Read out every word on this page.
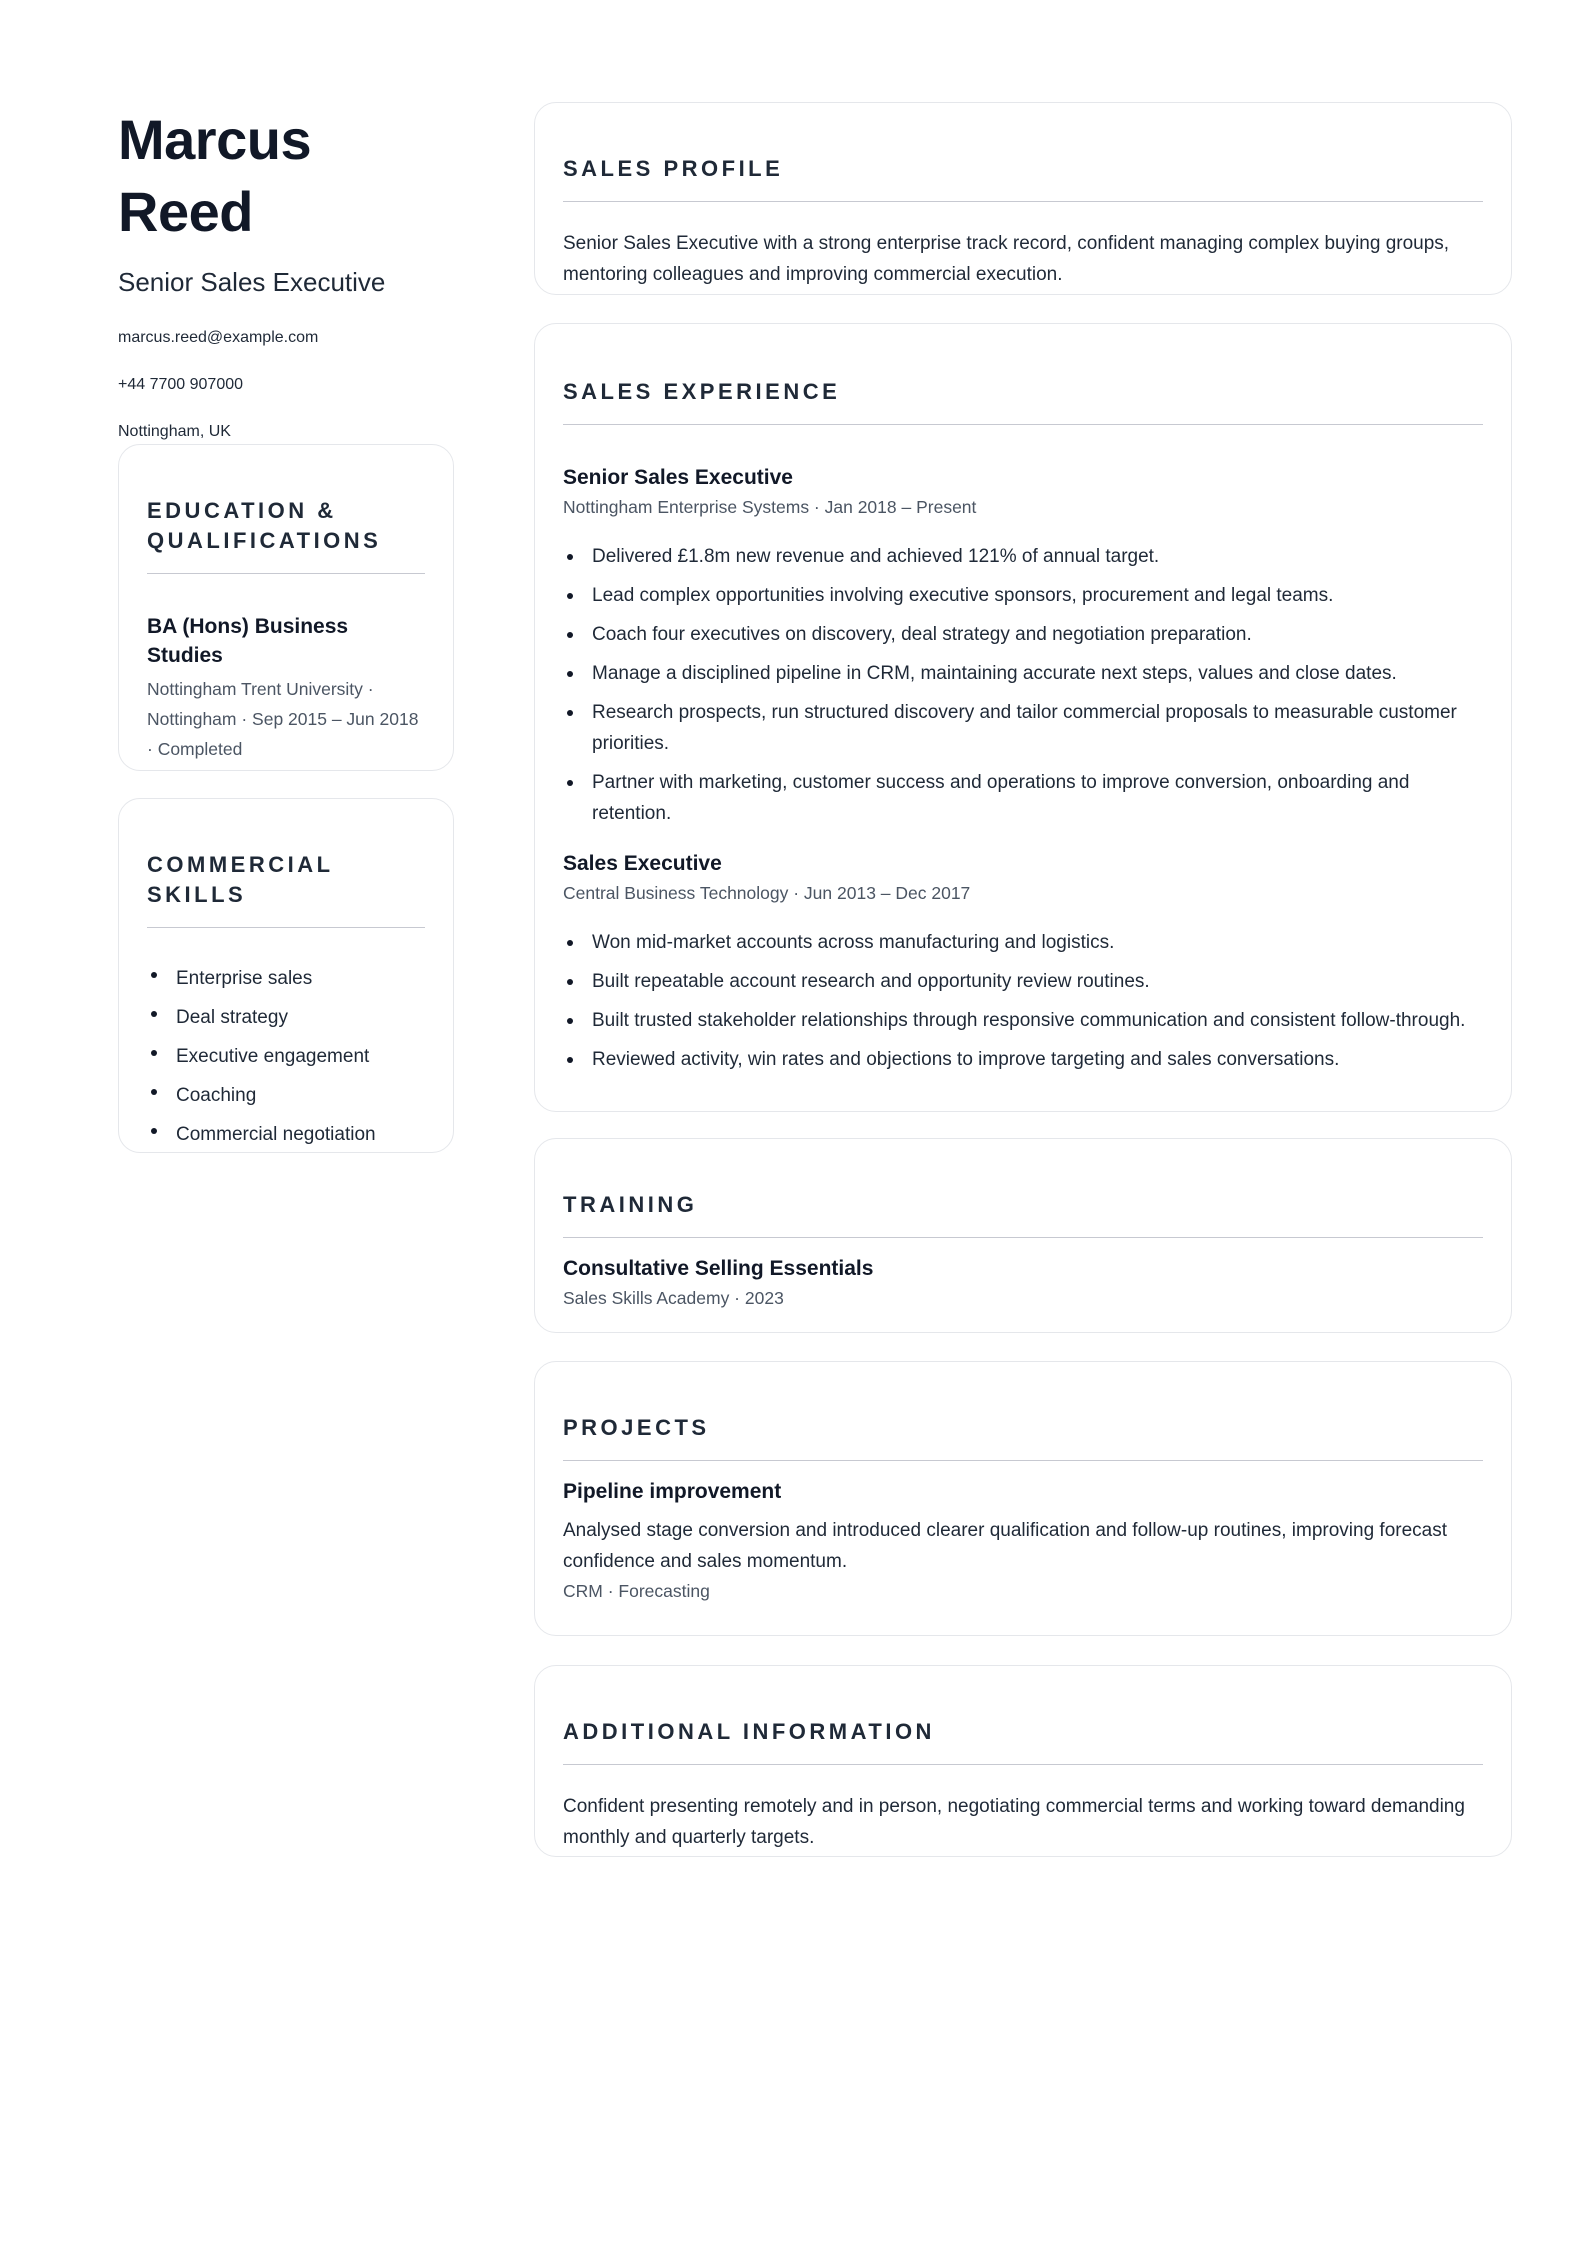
Marcus Reed
Senior Sales Executive
marcus.reed@example.com
+44 7700 907000
Nottingham, UK
EDUCATION & QUALIFICATIONS
BA (Hons) Business Studies
Nottingham Trent University · Nottingham · Sep 2015 – Jun 2018 · Completed
COMMERCIAL SKILLS
Enterprise sales
Deal strategy
Executive engagement
Coaching
Commercial negotiation
SALES PROFILE
Senior Sales Executive with a strong enterprise track record, confident managing complex buying groups, mentoring colleagues and improving commercial execution.
SALES EXPERIENCE
Senior Sales Executive
Nottingham Enterprise Systems · Jan 2018 – Present
Delivered £1.8m new revenue and achieved 121% of annual target.
Lead complex opportunities involving executive sponsors, procurement and legal teams.
Coach four executives on discovery, deal strategy and negotiation preparation.
Manage a disciplined pipeline in CRM, maintaining accurate next steps, values and close dates.
Research prospects, run structured discovery and tailor commercial proposals to measurable customer priorities.
Partner with marketing, customer success and operations to improve conversion, onboarding and retention.
Sales Executive
Central Business Technology · Jun 2013 – Dec 2017
Won mid-market accounts across manufacturing and logistics.
Built repeatable account research and opportunity review routines.
Built trusted stakeholder relationships through responsive communication and consistent follow-through.
Reviewed activity, win rates and objections to improve targeting and sales conversations.
TRAINING
Consultative Selling Essentials
Sales Skills Academy · 2023
PROJECTS
Pipeline improvement
Analysed stage conversion and introduced clearer qualification and follow-up routines, improving forecast confidence and sales momentum.
CRM · Forecasting
ADDITIONAL INFORMATION
Confident presenting remotely and in person, negotiating commercial terms and working toward demanding monthly and quarterly targets.
